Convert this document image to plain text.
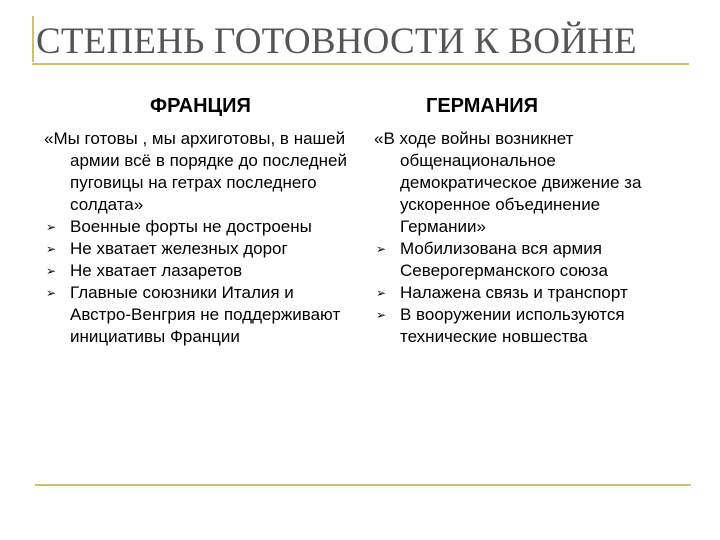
СТЕПЕНЬ ГОТОВНОСТИ К ВОЙНЕ
ФРАНЦИЯ	ГЕРМАНИЯ
«Мы готовы , мы архиготовы, в нашей армии всё в порядке до последней пуговицы на гетрах последнего солдата»
➢ Военные форты не достроены
➢ Не хватает железных дорог
➢ Не хватает лазаретов
➢ Главные союзники Италия и Австро-Венгрия не поддерживают инициативы Франции
«В ходе войны возникнет общенациональное демократическое движение за ускоренное объединение Германии»
➢ Мобилизована вся армия Северогерманского союза
➢ Налажена связь и транспорт
➢ В вооружении используются технические новшества
